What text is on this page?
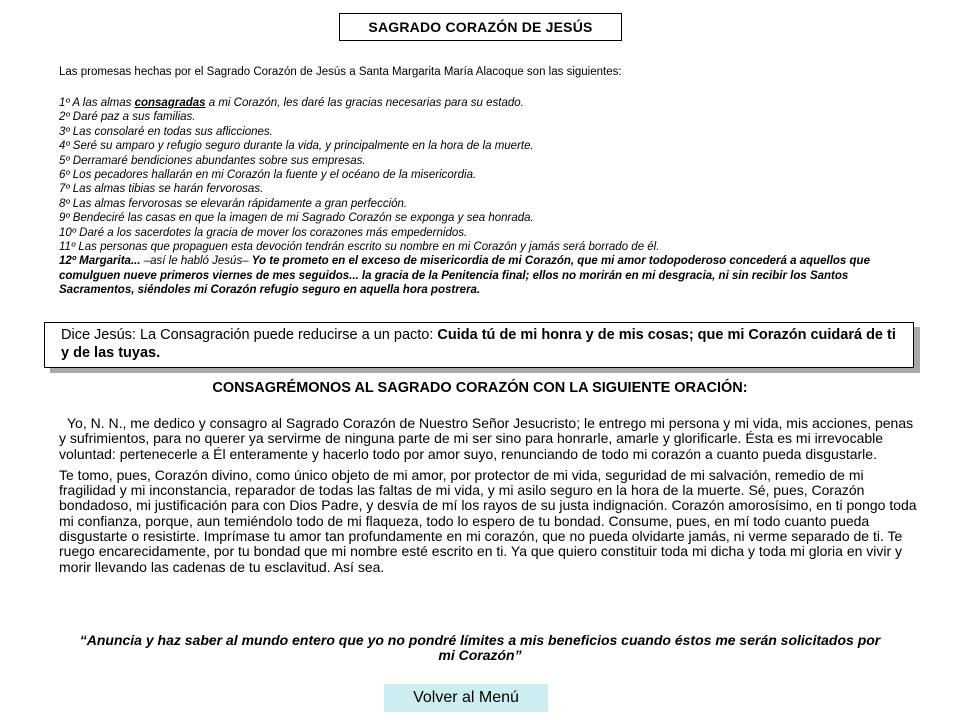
SAGRADO CORAZÓN DE JESÚS
Las promesas hechas por el Sagrado Corazón de Jesús a Santa Margarita María Alacoque son las siguientes:
1º A las almas consagradas a mi Corazón, les daré las gracias necesarias para su estado.
2º Daré paz a sus familias.
3º Las consolaré en todas sus aflicciones.
4º Seré su amparo y refugio seguro durante la vida, y principalmente en la hora de la muerte.
5º Derramaré bendiciones abundantes sobre sus empresas.
6º Los pecadores hallarán en mi Corazón la fuente y el océano de la misericordia.
7º Las almas tibias se harán fervorosas.
8º Las almas fervorosas se elevarán rápidamente a gran perfección.
9º Bendeciré las casas en que la imagen de mi Sagrado Corazón se exponga y sea honrada.
10º Daré a los sacerdotes la gracia de mover los corazones más empedernidos.
11º Las personas que propaguen esta devoción tendrán escrito su nombre en mi Corazón y jamás será borrado de él.
12º Margarita... –así le habló Jesús– Yo te prometo en el exceso de misericordia de mi Corazón, que mi amor todopoderoso concederá a aquellos que comulguen nueve primeros viernes de mes seguidos... la gracia de la Penitencia final; ellos no morirán en mi desgracia, ni sin recibir los Santos Sacramentos, siéndoles mi Corazón refugio seguro en aquella hora postrera.
Dice Jesús: La Consagración puede reducirse a un pacto: Cuida tú de mi honra y de mis cosas; que mi Corazón cuidará de ti y de las tuyas.
CONSAGRÉMONOS AL SAGRADO CORAZÓN CON LA SIGUIENTE ORACIÓN:

Yo, N. N., me dedico y consagro al Sagrado Corazón de Nuestro Señor Jesucristo; le entrego mi persona y mi vida, mis acciones, penas y sufrimientos, para no querer ya servirme de ninguna parte de mi ser sino para honrarle, amarle y glorificarle. Ésta es mi irrevocable voluntad: pertenecerle a Él enteramente y hacerlo todo por amor suyo, renunciando de todo mi corazón a cuanto pueda disgustarle.

Te tomo, pues, Corazón divino, como único objeto de mi amor, por protector de mi vida, seguridad de mi salvación, remedio de mi fragilidad y mi inconstancia, reparador de todas las faltas de mi vida, y mi asilo seguro en la hora de la muerte. Sé, pues, Corazón bondadoso, mi justificación para con Dios Padre, y desvía de mí los rayos de su justa indignación. Corazón amorosísimo, en ti pongo toda mi confianza, porque, aun temiéndolo todo de mi flaqueza, todo lo espero de tu bondad. Consume, pues, en mí todo cuanto pueda disgustarte o resistirte. Imprímase tu amor tan profundamente en mi corazón, que no pueda olvidarte jamás, ni verme separado de ti. Te ruego encarecidamente, por tu bondad que mi nombre esté escrito en ti. Ya que quiero constituir toda mi dicha y toda mi gloria en vivir y morir llevando las cadenas de tu esclavitud. Así sea.

“Anuncia y haz saber al mundo entero que yo no pondré límites a mis beneficios cuando éstos me serán solicitados por mi Corazón”
Volver al Menú
